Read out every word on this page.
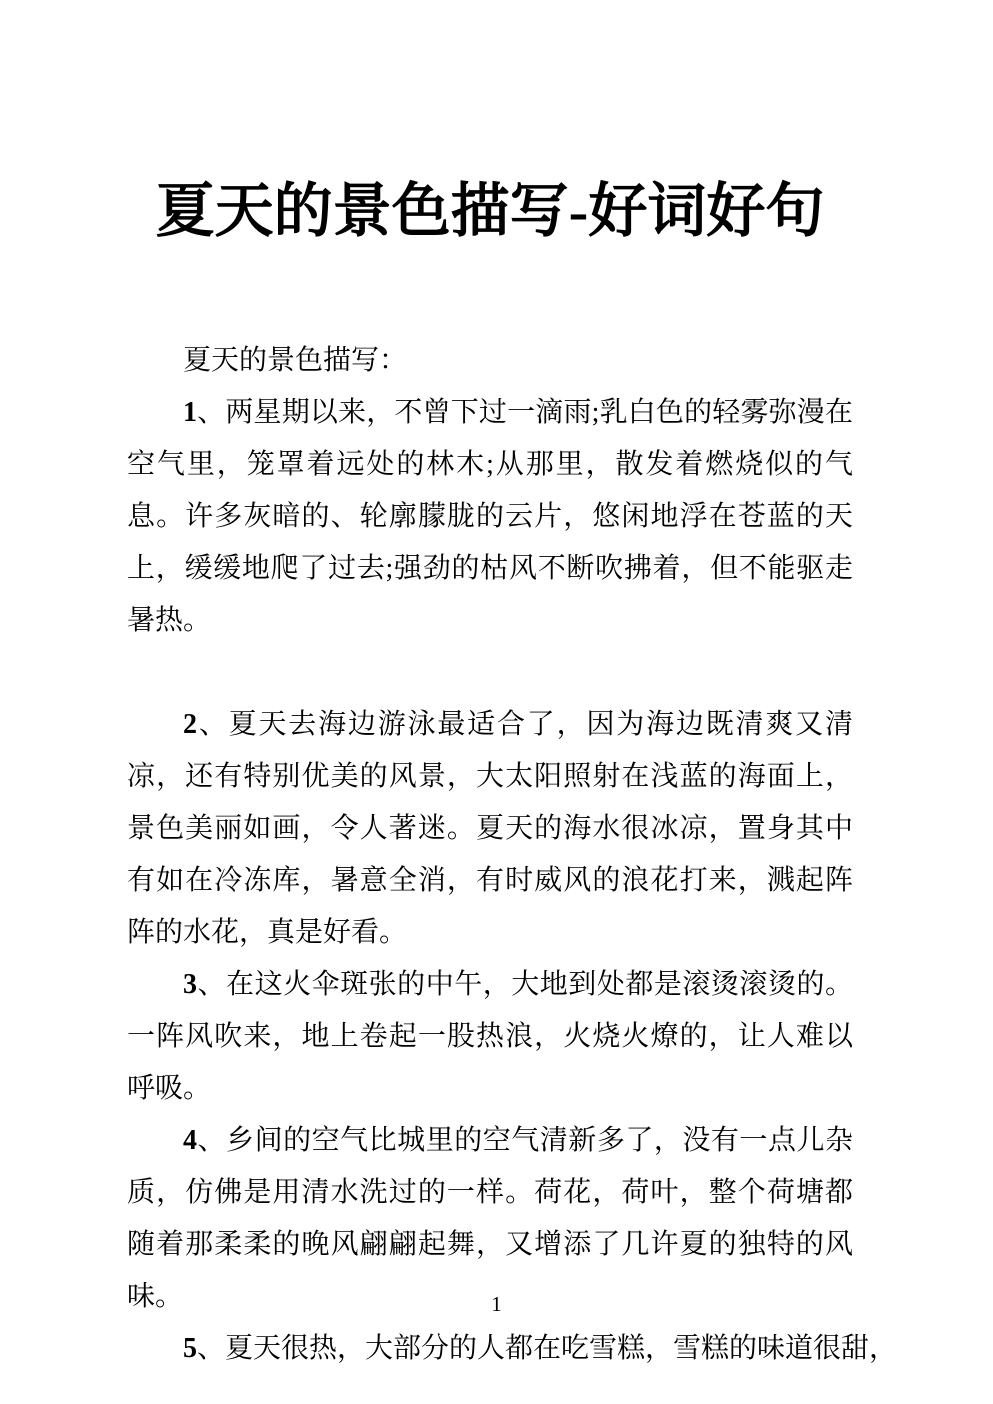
夏天的景色描写-好词好句

夏天的景色描写：

1、两星期以来，不曾下过一滴雨;乳白色的轻雾弥漫在空气里，笼罩着远处的林木;从那里，散发着燃烧似的气息。许多灰暗的、轮廓朦胧的云片，悠闲地浮在苍蓝的天上，缓缓地爬了过去;强劲的枯风不断吹拂着，但不能驱走暑热。

2、夏天去海边游泳最适合了，因为海边既清爽又清凉，还有特别优美的风景，大太阳照射在浅蓝的海面上，景色美丽如画，令人著迷。夏天的海水很冰凉，置身其中有如在冷冻库，暑意全消，有时威风的浪花打来，溅起阵阵的水花，真是好看。

3、在这火伞斑张的中午，大地到处都是滚烫滚烫的。一阵风吹来，地上卷起一股热浪，火烧火燎的，让人难以呼吸。

4、乡间的空气比城里的空气清新多了，没有一点儿杂质，仿佛是用清水洗过的一样。荷花，荷叶，整个荷塘都随着那柔柔的晚风翩翩起舞，又增添了几许夏的独特的风味。

5、夏天很热，大部分的人都在吃雪糕，雪糕的味道很甜，

1
